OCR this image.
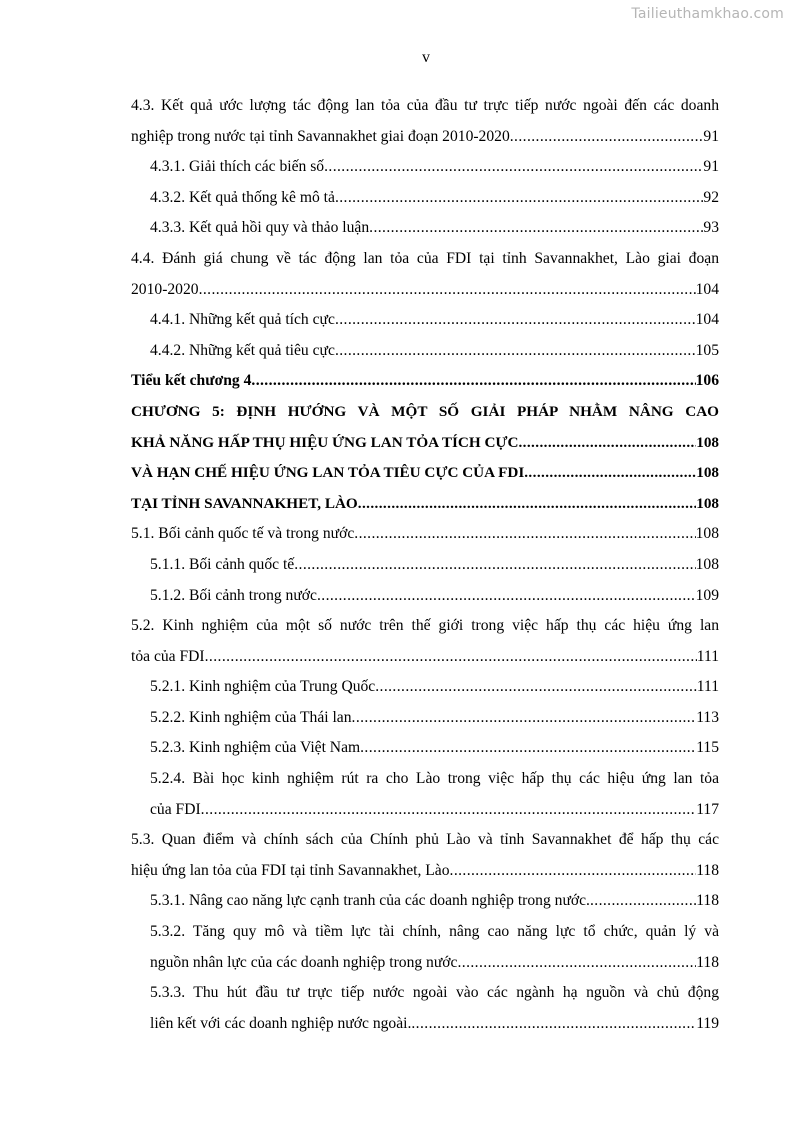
Tailieuthamkhao.com
v
4.3. Kết quả ước lượng tác động lan tỏa của đầu tư trực tiếp nước ngoài đến các doanh
nghiệp trong nước tại tỉnh Savannakhet giai đoạn 2010-2020 .....	91
4.3.1. Giải thích các biến số .....	91
4.3.2. Kết quả thống kê mô tả .....	92
4.3.3. Kết quả hồi quy và thảo luận .....	93
4.4. Đánh giá chung về tác động lan tỏa của FDI tại tỉnh Savannakhet, Lào giai đoạn
2010-2020 .....	104
4.4.1. Những kết quả tích cực .....	104
4.4.2. Những kết quả tiêu cực .....	105
Tiểu kết chương 4 .....	106
CHƯƠNG 5: ĐỊNH HƯỚNG VÀ MỘT SỐ GIẢI PHÁP NHẰM NÂNG CAO
KHẢ NĂNG HẤP THỤ HIỆU ỨNG LAN TỎA TÍCH CỰC .....	108
VÀ HẠN CHẾ HIỆU ỨNG LAN TỎA TIÊU CỰC CỦA FDI .....	108
TẠI TỈNH SAVANNAKHET, LÀO .....	108
5.1. Bối cảnh quốc tế và trong nước .....	108
5.1.1. Bối cảnh quốc tế .....	108
5.1.2. Bối cảnh trong nước .....	109
5.2. Kinh nghiệm của một số nước trên thế giới trong việc hấp thụ các hiệu ứng lan
tỏa của FDI .....	111
5.2.1. Kinh nghiệm của Trung Quốc .....	111
5.2.2. Kinh nghiệm của Thái lan .....	113
5.2.3. Kinh nghiệm của Việt Nam .....	115
5.2.4. Bài học kinh nghiệm rút ra cho Lào trong việc hấp thụ các hiệu ứng lan tỏa
của FDI .....	117
5.3. Quan điểm và chính sách của Chính phủ Lào và tỉnh Savannakhet để hấp thụ các
hiệu ứng lan tỏa của FDI tại tỉnh Savannakhet, Lào .....	118
5.3.1. Nâng cao năng lực cạnh tranh của các doanh nghiệp trong nước. .....	118
5.3.2. Tăng quy mô và tiềm lực tài chính, nâng cao năng lực tổ chức, quản lý và
nguồn nhân lực của các doanh nghiệp trong nước .....	118
5.3.3. Thu hút đầu tư trực tiếp nước ngoài vào các ngành hạ nguồn và chủ động
liên kết với các doanh nghiệp nước ngoài. .....	119
